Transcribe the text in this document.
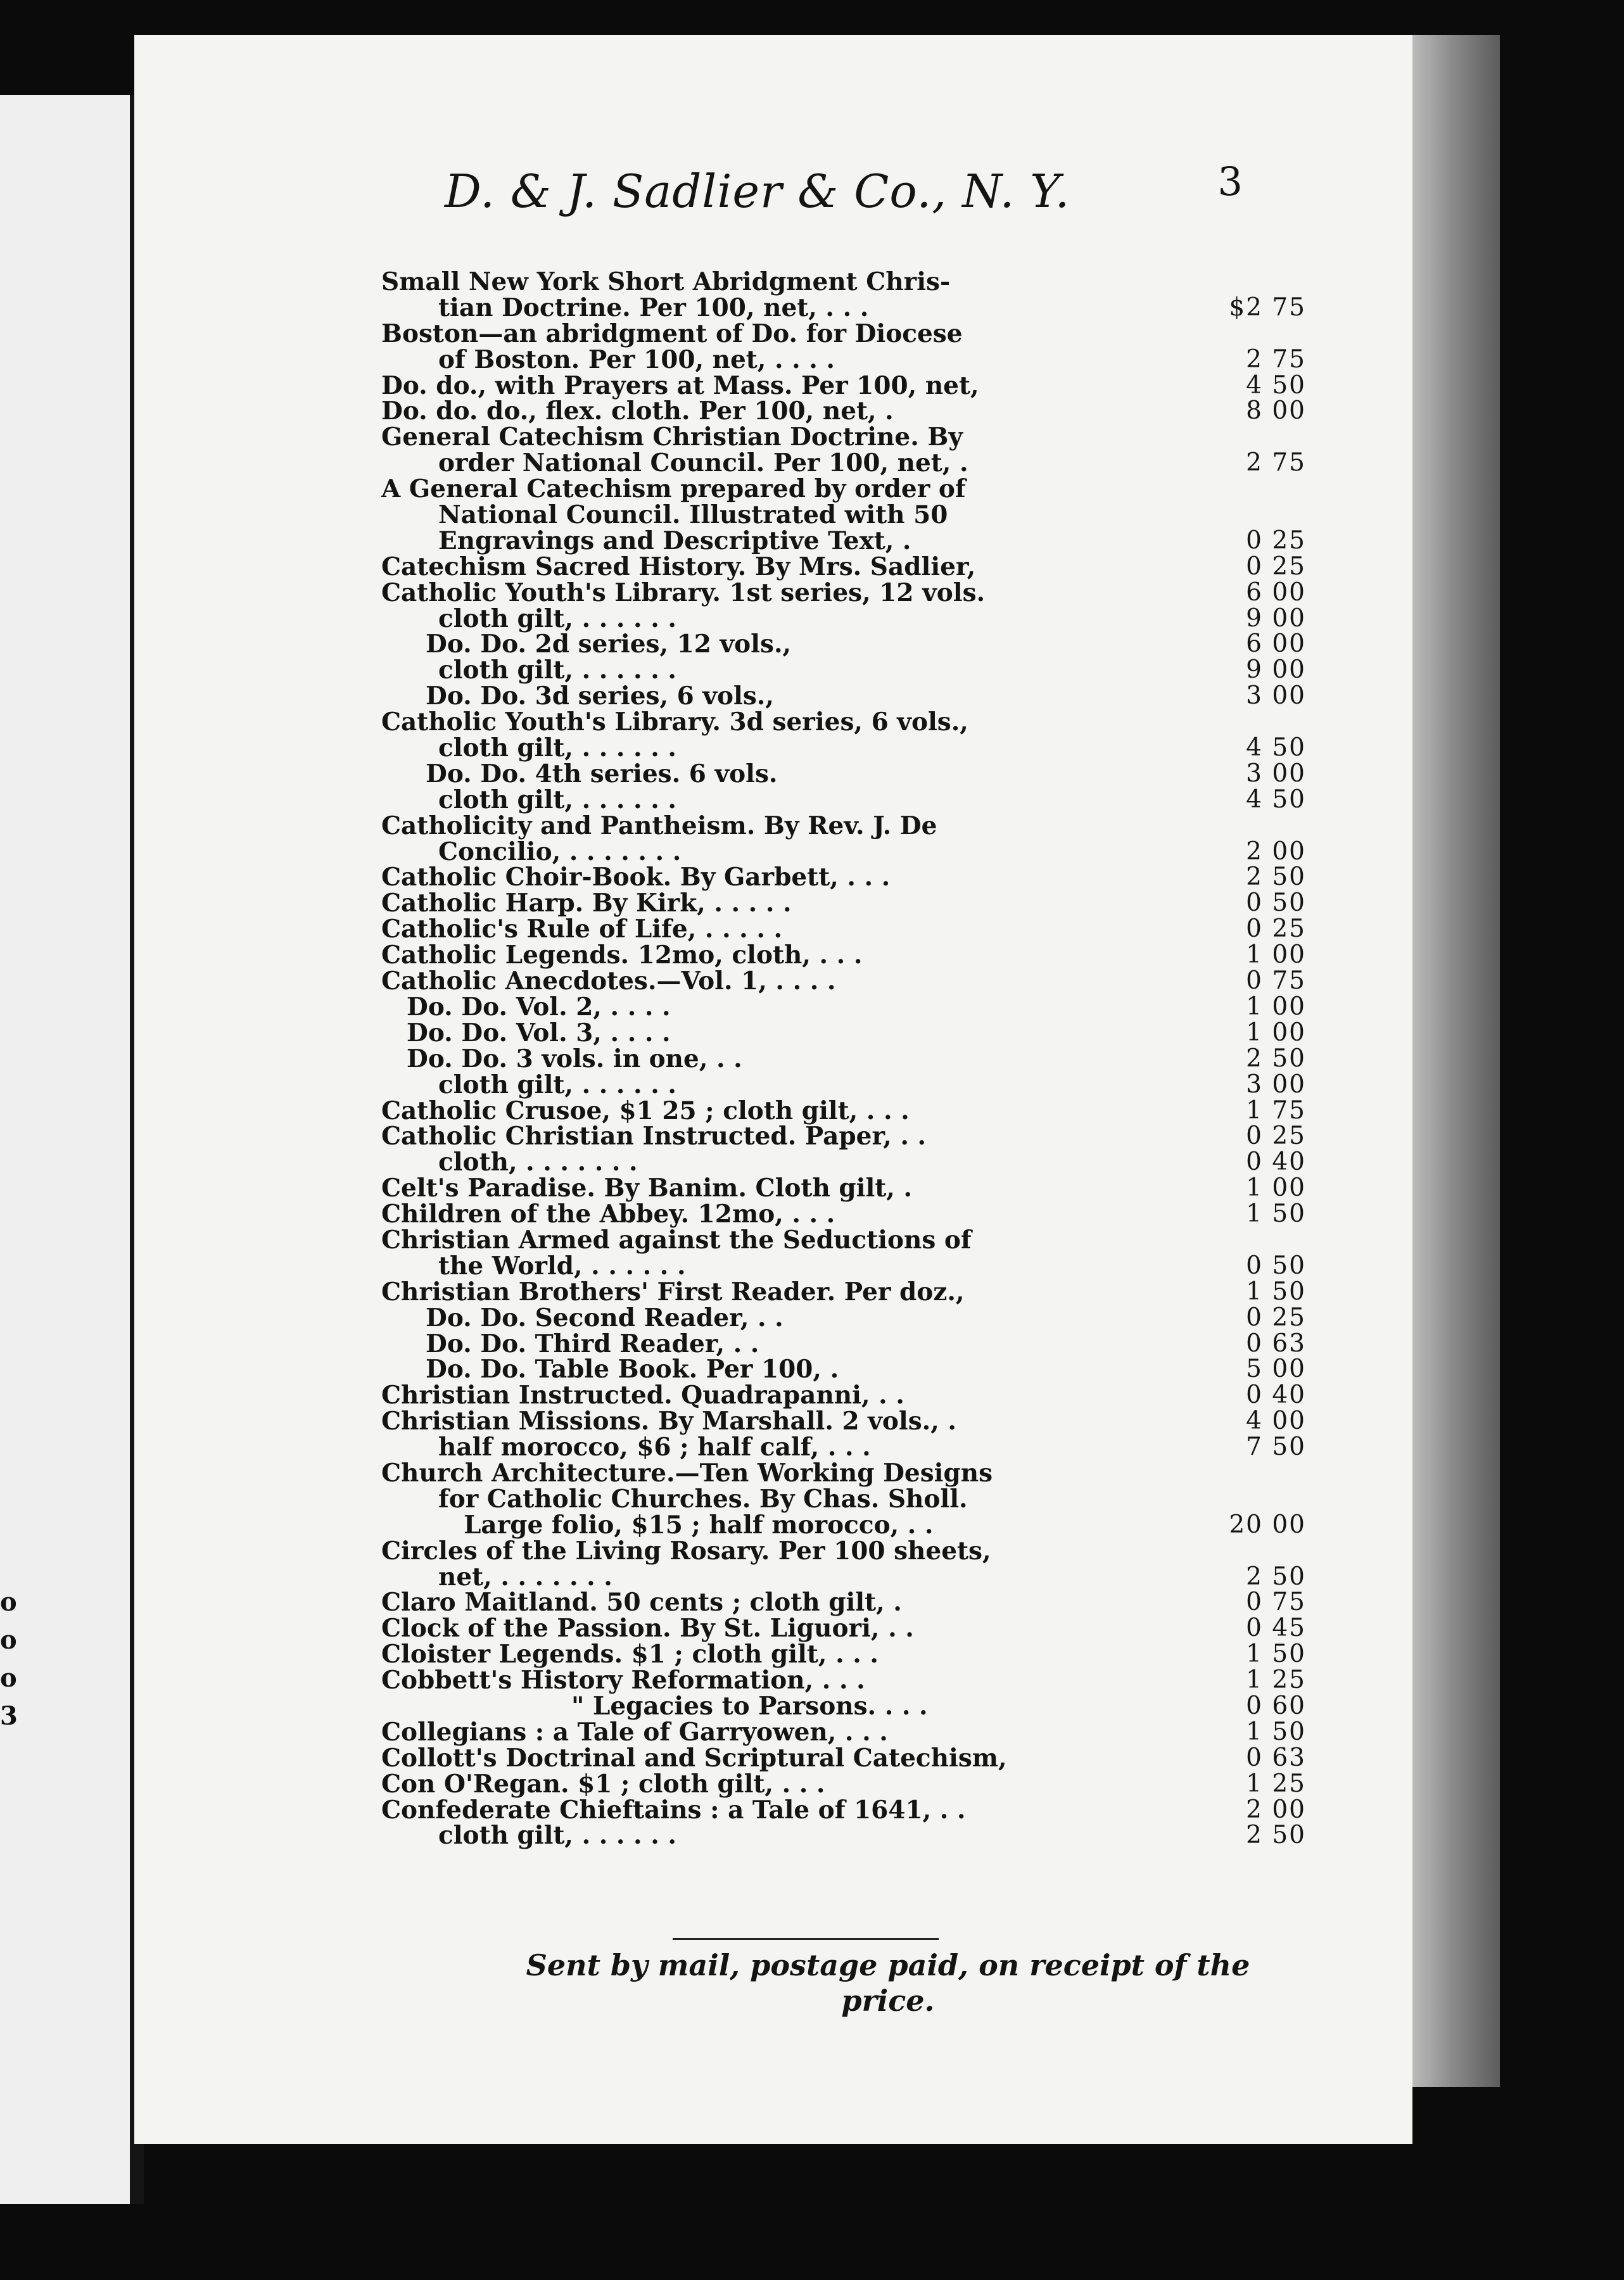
o
o
o
3
D. & J. Sadlier & Co., N. Y.	3
Small New York Short Abridgment Chris-
tian Doctrine. Per 100, net, . . .	$2 75
Boston—an abridgment of Do. for Diocese
of Boston. Per 100, net, . . . .	2 75
Do. do., with Prayers at Mass. Per 100, net,	4 50
Do. do. do., flex. cloth. Per 100, net, .	8 00
General Catechism Christian Doctrine. By
order National Council. Per 100, net, .	2 75
A General Catechism prepared by order of
National Council. Illustrated with 50
Engravings and Descriptive Text, .	0 25
Catechism Sacred History. By Mrs. Sadlier,	0 25
Catholic Youth's Library. 1st series, 12 vols.	6 00
cloth gilt, . . . . . .	9 00
Do. Do. 2d series, 12 vols.,	6 00
cloth gilt, . . . . . .	9 00
Do. Do. 3d series, 6 vols.,	3 00
Catholic Youth's Library. 3d series, 6 vols.,
cloth gilt, . . . . . .	4 50
Do. Do. 4th series. 6 vols.	3 00
cloth gilt, . . . . . .	4 50
Catholicity and Pantheism. By Rev. J. De
Concilio, . . . . . . .	2 00
Catholic Choir-Book. By Garbett, . . .	2 50
Catholic Harp. By Kirk, . . . . .	0 50
Catholic's Rule of Life, . . . . .	0 25
Catholic Legends. 12mo, cloth, . . .	1 00
Catholic Anecdotes.—Vol. 1, . . . .	0 75
Do. Do. Vol. 2, . . . .	1 00
Do. Do. Vol. 3, . . . .	1 00
Do. Do. 3 vols. in one, . .	2 50
cloth gilt, . . . . . .	3 00
Catholic Crusoe, $1 25 ; cloth gilt, . . .	1 75
Catholic Christian Instructed. Paper, . .	0 25
cloth, . . . . . . .	0 40
Celt's Paradise. By Banim. Cloth gilt, .	1 00
Children of the Abbey. 12mo, . . .	1 50
Christian Armed against the Seductions of
the World, . . . . . .	0 50
Christian Brothers' First Reader. Per doz.,	1 50
Do. Do. Second Reader, . .	0 25
Do. Do. Third Reader, . .	0 63
Do. Do. Table Book. Per 100, .	5 00
Christian Instructed. Quadrapanni, . .	0 40
Christian Missions. By Marshall. 2 vols., .	4 00
half morocco, $6 ; half calf, . . .	7 50
Church Architecture.—Ten Working Designs
for Catholic Churches. By Chas. Sholl.
Large folio, $15 ; half morocco, . .	20 00
Circles of the Living Rosary. Per 100 sheets,
net, . . . . . . .	2 50
Claro Maitland. 50 cents ; cloth gilt, .	0 75
Clock of the Passion. By St. Liguori, . .	0 45
Cloister Legends. $1 ; cloth gilt, . . .	1 50
Cobbett's History Reformation, . . .	1 25
" Legacies to Parsons. . . .	0 60
Collegians : a Tale of Garryowen, . . .	1 50
Collott's Doctrinal and Scriptural Catechism,	0 63
Con O'Regan. $1 ; cloth gilt, . . .	1 25
Confederate Chieftains : a Tale of 1641, . .	2 00
cloth gilt, . . . . . .	2 50
Sent by mail, postage paid, on receipt of the
price.
